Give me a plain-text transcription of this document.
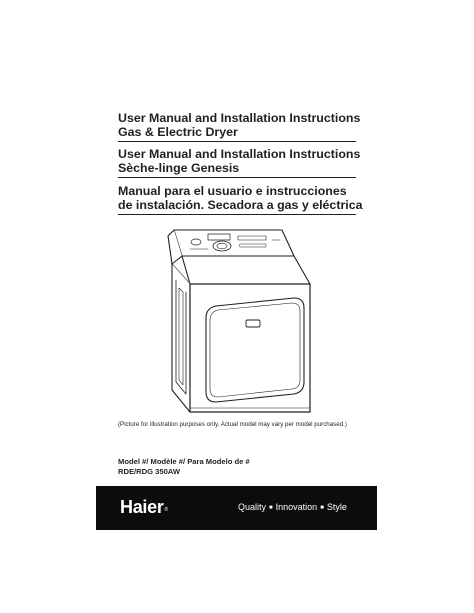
User Manual and Installation Instructions
Gas & Electric Dryer
User Manual and Installation Instructions
Sèche-linge Genesis
Manual para el usuario e instrucciones
de instalación. Secadora a gas y eléctrica
(Picture for illustration purposes only. Actual model may vary per model purchased.)
Model #/ Modèle #/ Para Modelo de #
RDE/RDG 350AW
Haier®	Quality ■ Innovation ■ Style
